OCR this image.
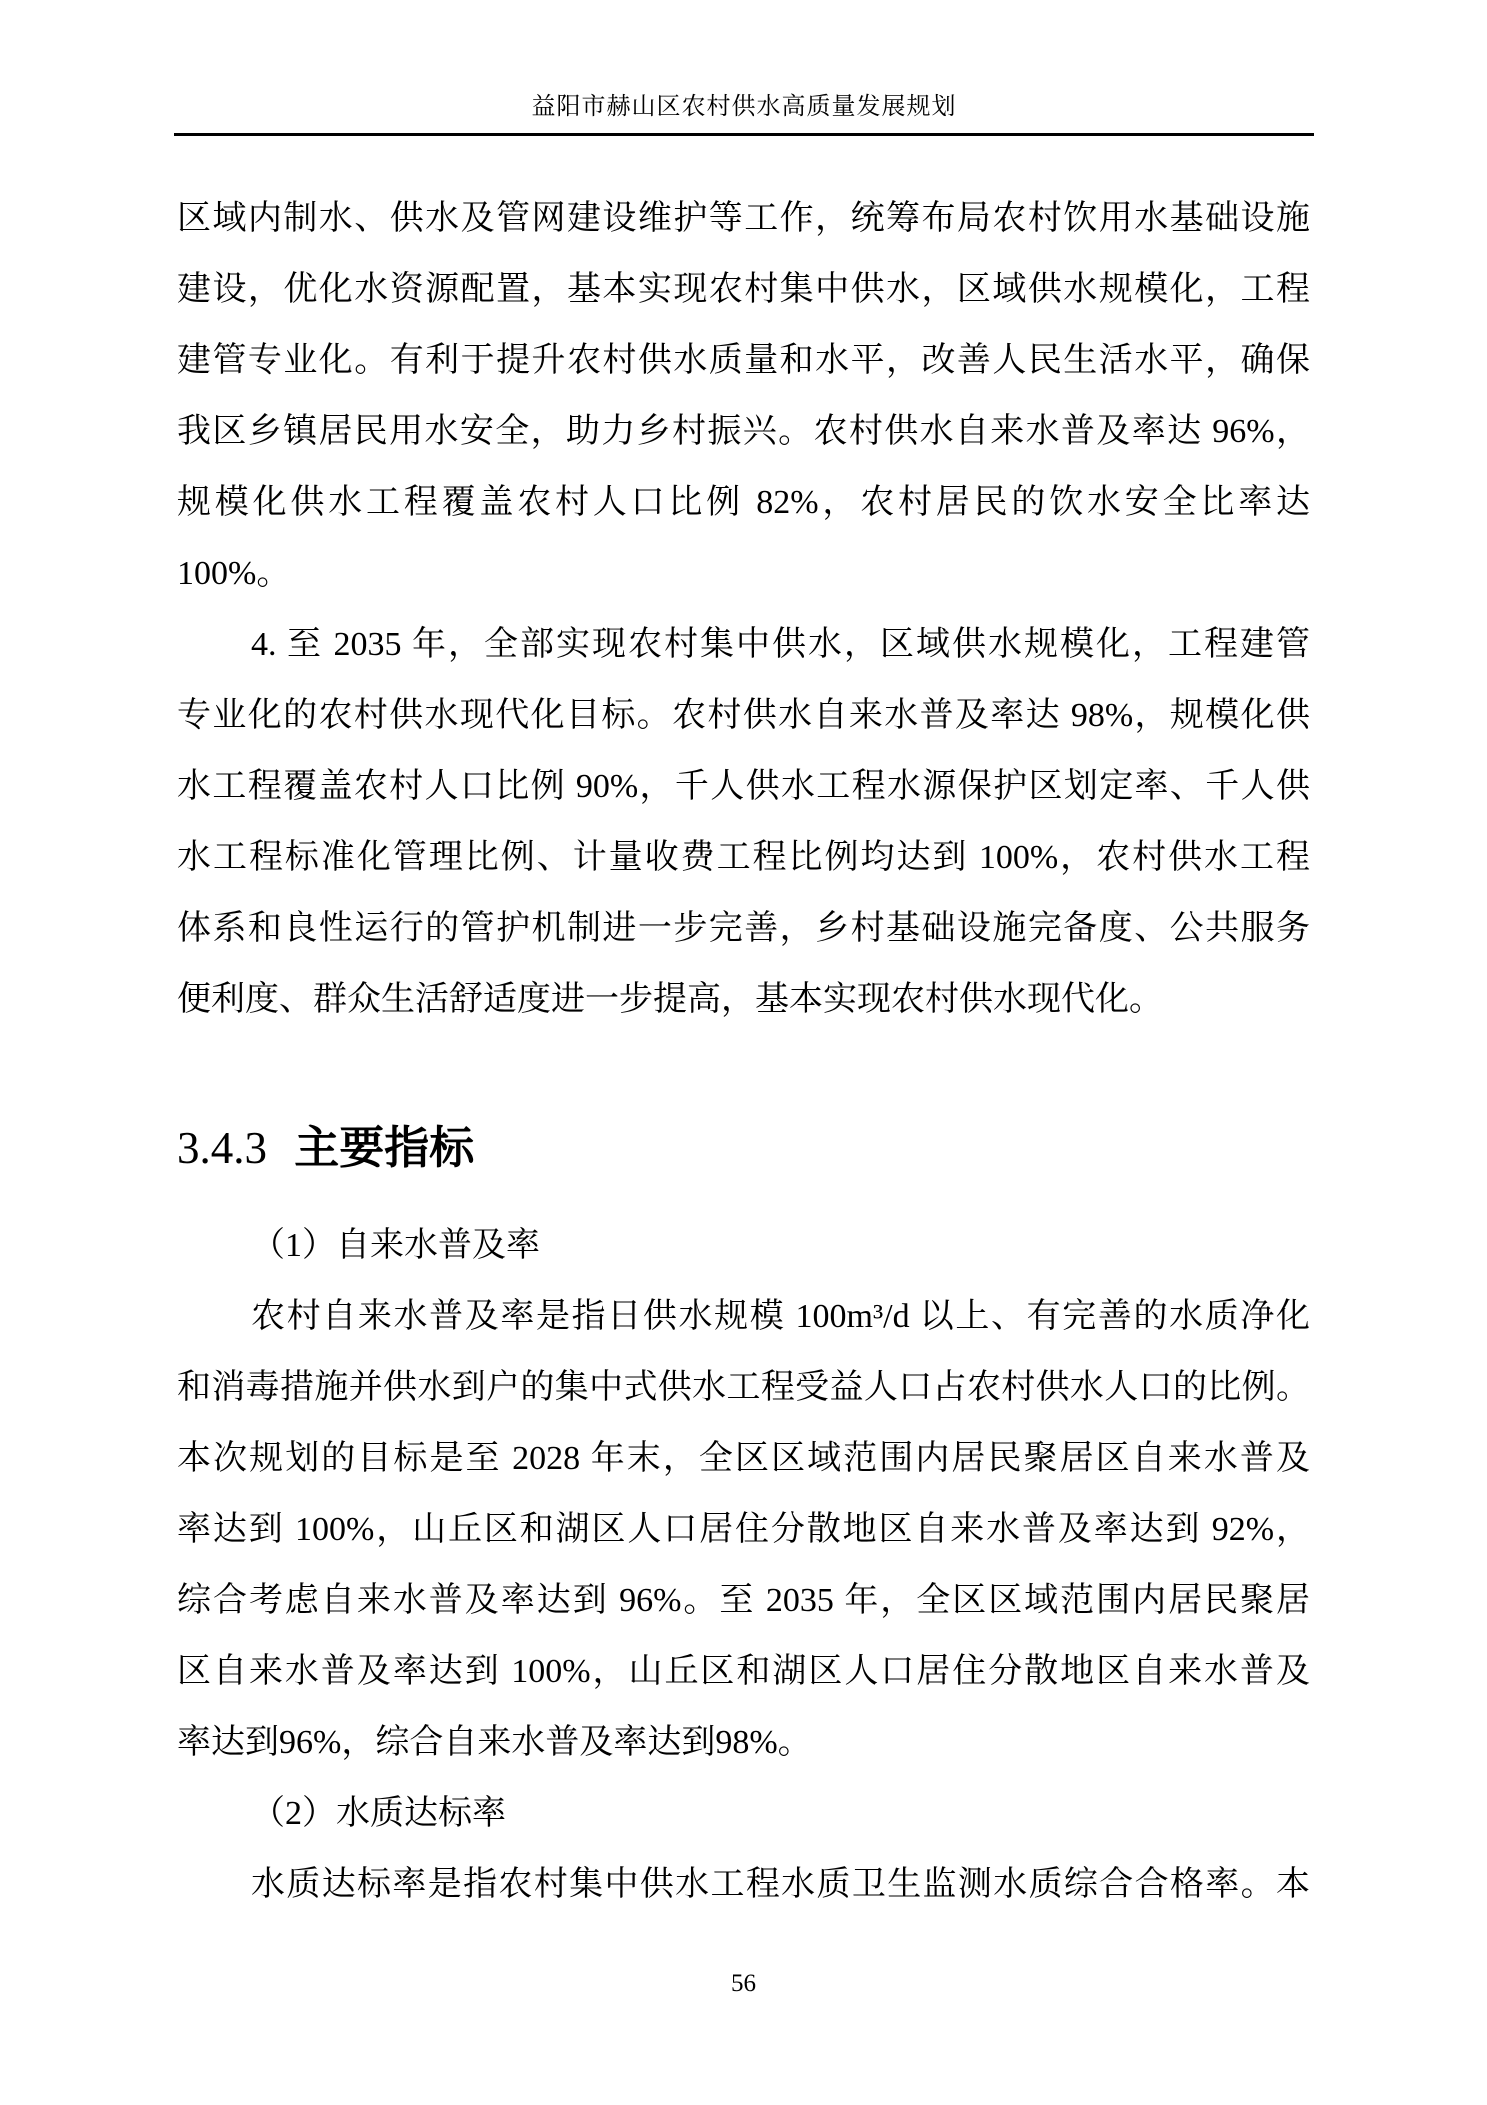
益阳市赫山区农村供水高质量发展规划
区域内制水、供水及管网建设维护等工作，统筹布局农村饮用水基础设施
建设，优化水资源配置，基本实现农村集中供水，区域供水规模化，工程
建管专业化。有利于提升农村供水质量和水平，改善人民生活水平，确保
我区乡镇居民用水安全，助力乡村振兴。农村供水自来水普及率达 96%，
规模化供水工程覆盖农村人口比例 82%，农村居民的饮水安全比率达
100%。
4. 至 2035 年，全部实现农村集中供水，区域供水规模化，工程建管
专业化的农村供水现代化目标。农村供水自来水普及率达 98%，规模化供
水工程覆盖农村人口比例 90%，千人供水工程水源保护区划定率、千人供
水工程标准化管理比例、计量收费工程比例均达到 100%，农村供水工程
体系和良性运行的管护机制进一步完善，乡村基础设施完备度、公共服务
便利度、群众生活舒适度进一步提高，基本实现农村供水现代化。
3.4.3 主要指标
（1）自来水普及率
农村自来水普及率是指日供水规模 100m³/d 以上、有完善的水质净化
和消毒措施并供水到户的集中式供水工程受益人口占农村供水人口的比例。
本次规划的目标是至 2028 年末，全区区域范围内居民聚居区自来水普及
率达到 100%，山丘区和湖区人口居住分散地区自来水普及率达到 92%，
综合考虑自来水普及率达到 96%。至 2035 年，全区区域范围内居民聚居
区自来水普及率达到 100%，山丘区和湖区人口居住分散地区自来水普及
率达到96%，综合自来水普及率达到98%。
（2）水质达标率
水质达标率是指农村集中供水工程水质卫生监测水质综合合格率。本
56
